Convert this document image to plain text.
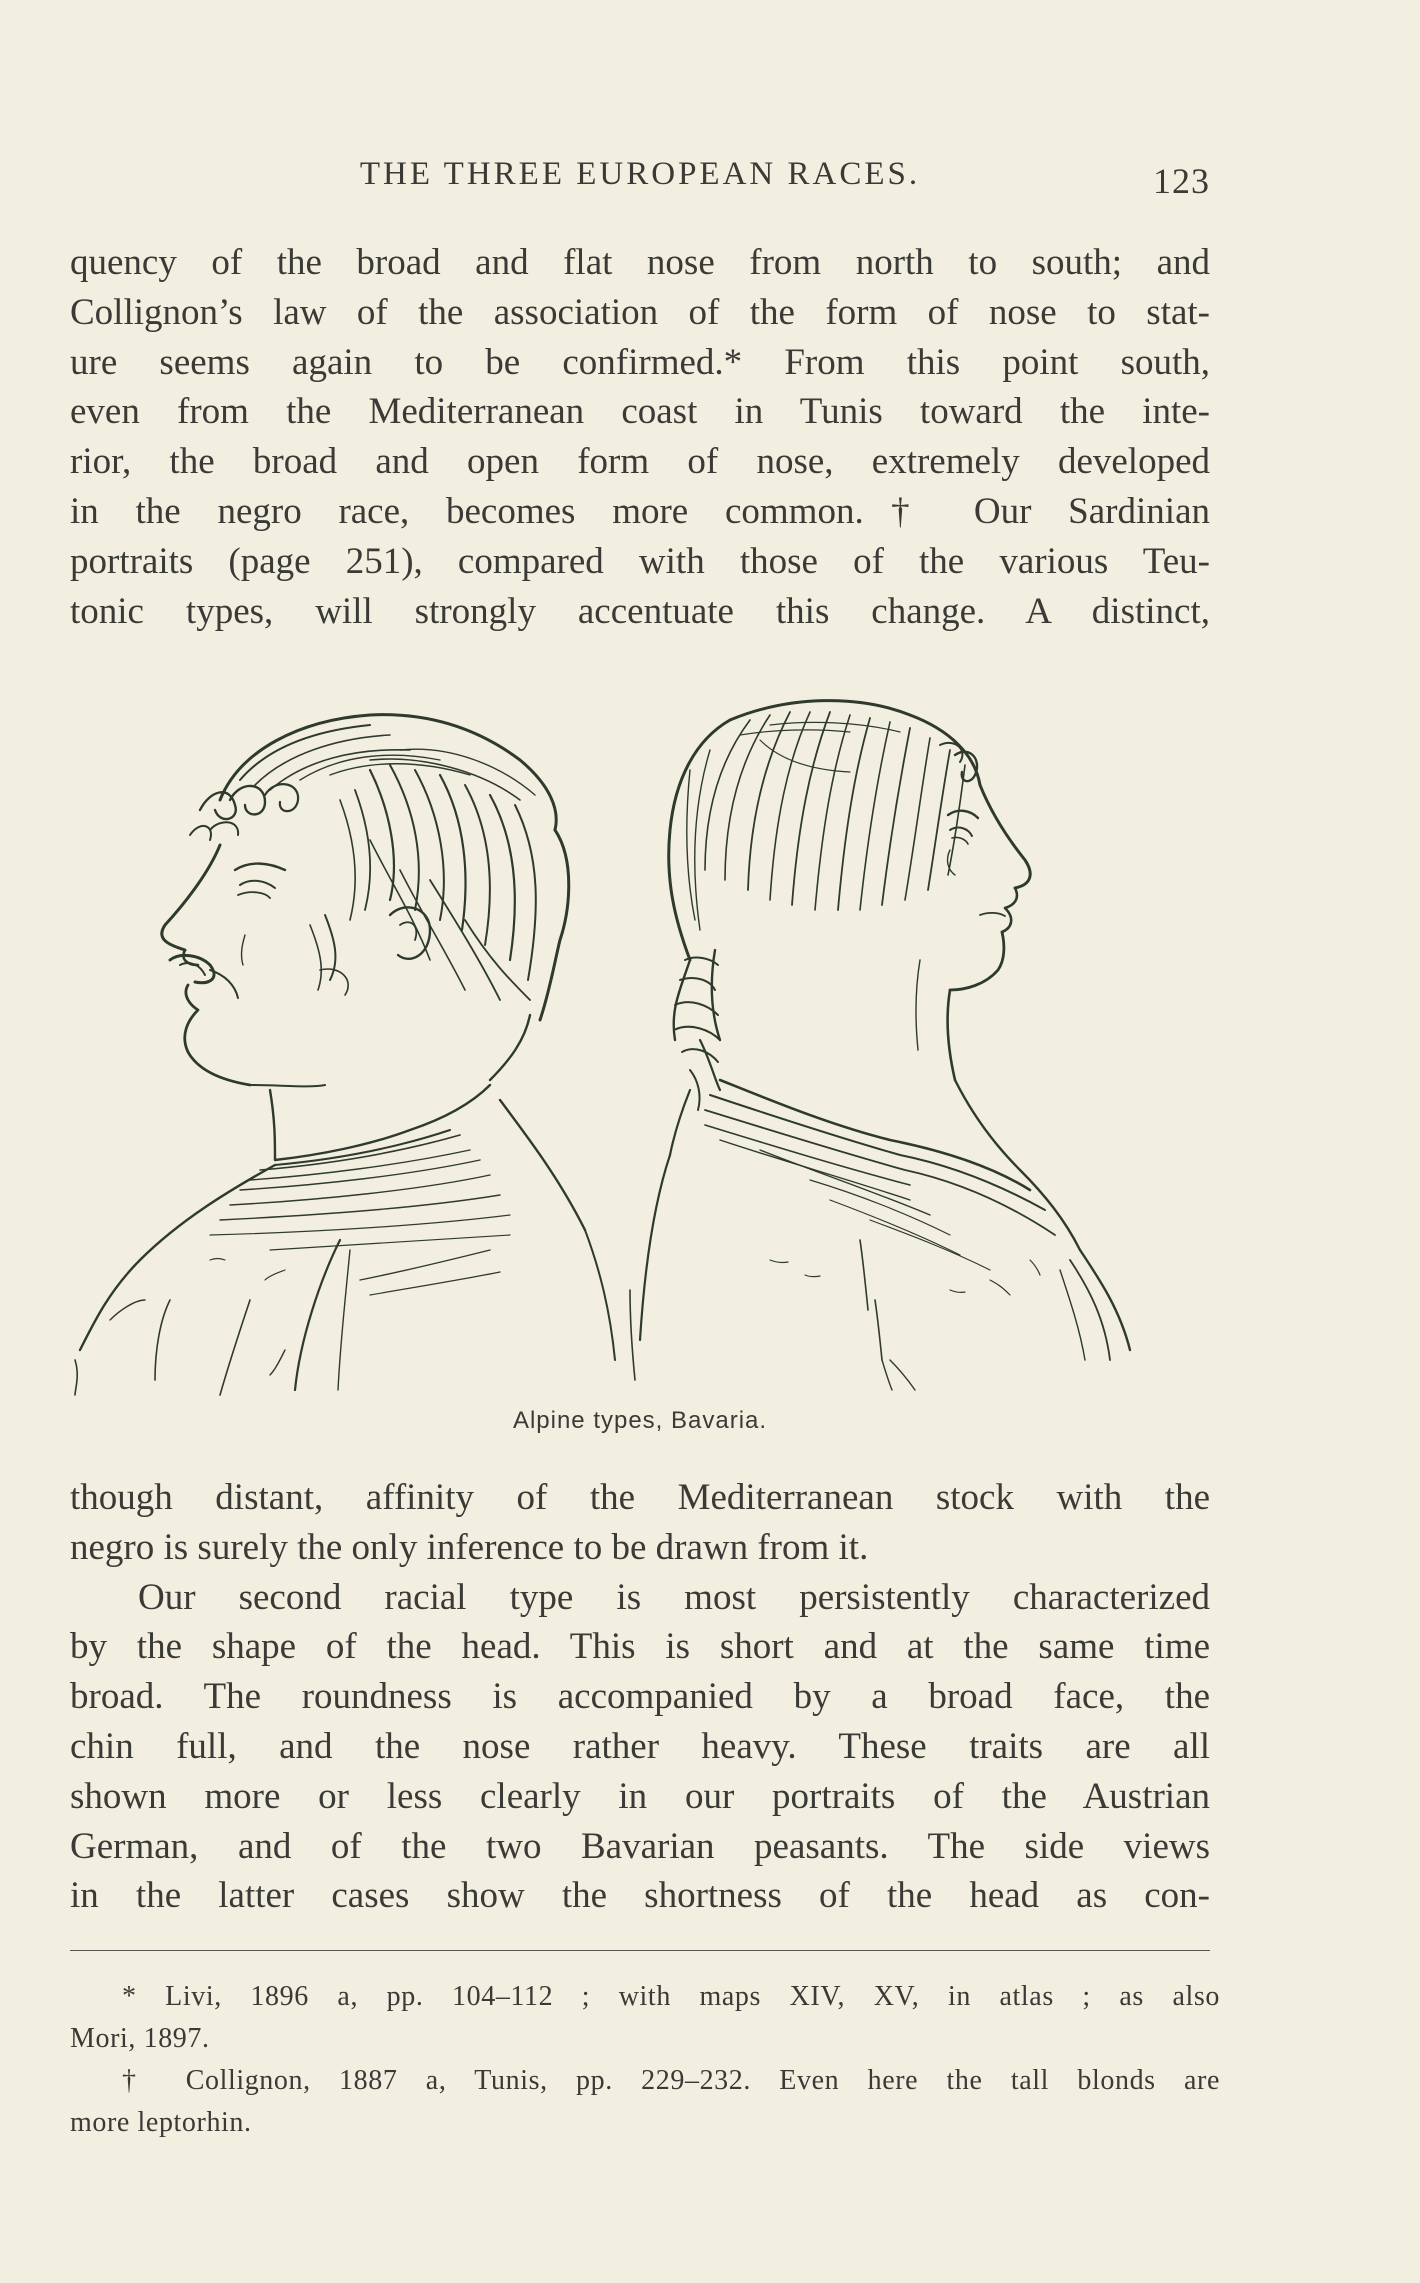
THE THREE EUROPEAN RACES.	123
quency of the broad and flat nose from north to south; and
Collignon’s law of the association of the form of nose to stat-
ure seems again to be confirmed.* From this point south,
even from the Mediterranean coast in Tunis toward the inte-
rior, the broad and open form of nose, extremely developed
in the negro race, becomes more common.† Our Sardinian
portraits (page 251), compared with those of the various Teu-
tonic types, will strongly accentuate this change. A distinct,
Alpine types, Bavaria.
though distant, affinity of the Mediterranean stock with the
negro is surely the only inference to be drawn from it.
Our second racial type is most persistently characterized
by the shape of the head. This is short and at the same time
broad. The roundness is accompanied by a broad face, the
chin full, and the nose rather heavy. These traits are all
shown more or less clearly in our portraits of the Austrian
German, and of the two Bavarian peasants. The side views
in the latter cases show the shortness of the head as con-
* Livi, 1896 a, pp. 104–112 ; with maps XIV, XV, in atlas ; as also
Mori, 1897.
† Collignon, 1887 a, Tunis, pp. 229–232. Even here the tall blonds are
more leptorhin.
